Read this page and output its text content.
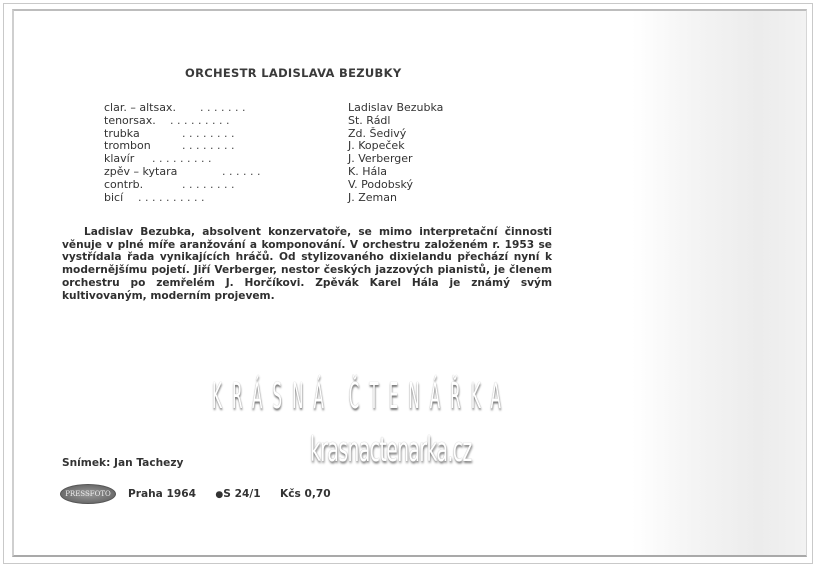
ORCHESTR LADISLAVA BEZUBKY
clar. – altsax. . . . . . . .	Ladislav Bezubka
tenorsax. . . . . . . . . .	St. Rádl
trubka	. . . . . . . .	Zd. Šedivý
trombon	. . . . . . . .	J. Kopeček
klavír . . . . . . . . .	J. Verberger
zpěv – kytara	. . . . . .	K. Hála
contrb.	. . . . . . . .	V. Podobský
bicí . . . . . . . . . .	J. Zeman

Ladislav Bezubka, absolvent konzervatoře, se mimo interpretační činnosti věnuje v plné míře aranžování a komponování. V orchestru založeném r. 1953 se vystřídala řada vynikajících hráčů. Od stylizovaného dixielandu přechází nyní k modernějšímu pojetí. Jiří Verberger, nestor českých jazzových pianistů, je členem orchestru po zemřelém J. Horčíkovi. Zpěvák Karel Hála je známý svým kultivovaným, moderním projevem.

KRÁSNÁ ČTENÁŘKA
krasnactenarka.cz
Snímek: Jan Tachezy
PRESSFOTO Praha 1964 ●S 24/1 Kčs 0,70
